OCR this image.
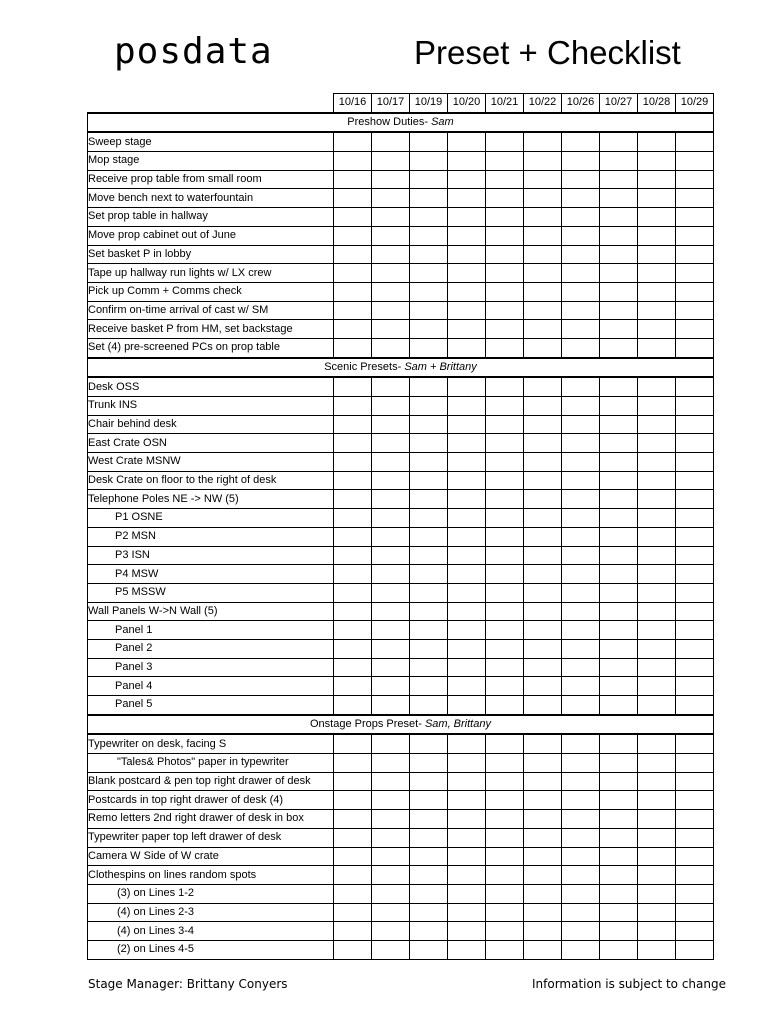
posdata	Preset + Checklist
	10/16	10/17	10/19	10/20	10/21	10/22	10/26	10/27	10/28	10/29
Preshow Duties- Sam										
Sweep stage										
Mop stage										
Receive prop table from small room										
Move bench next to waterfountain										
Set prop table in hallway										
Move prop cabinet out of June										
Set basket P in lobby										
Tape up hallway run lights w/ LX crew										
Pick up Comm + Comms check										
Confirm on-time arrival of cast w/ SM										
Receive basket P from HM, set backstage										
Set (4) pre-screened PCs on prop table										
Scenic Presets- Sam + Brittany										
Desk OSS										
Trunk INS										
Chair behind desk										
East Crate OSN										
West Crate MSNW										
Desk Crate on floor to the right of desk										
Telephone Poles NE -> NW (5)										
P1 OSNE										
P2 MSN										
P3 ISN										
P4 MSW										
P5 MSSW										
Wall Panels W->N Wall (5)										
Panel 1										
Panel 2										
Panel 3										
Panel 4										
Panel 5										
Onstage Props Preset- Sam, Brittany										
Typewriter on desk, facing S										
"Tales& Photos" paper in typewriter										
Blank postcard & pen top right drawer of desk										
Postcards in top right drawer of desk (4)										
Remo letters 2nd right drawer of desk in box										
Typewriter paper top left drawer of desk										
Camera W Side of W crate										
Clothespins on lines random spots										
(3) on Lines 1-2										
(4) on Lines 2-3										
(4) on Lines 3-4										
(2) on Lines 4-5										
Stage Manager: Brittany Conyers	Information is subject to change
